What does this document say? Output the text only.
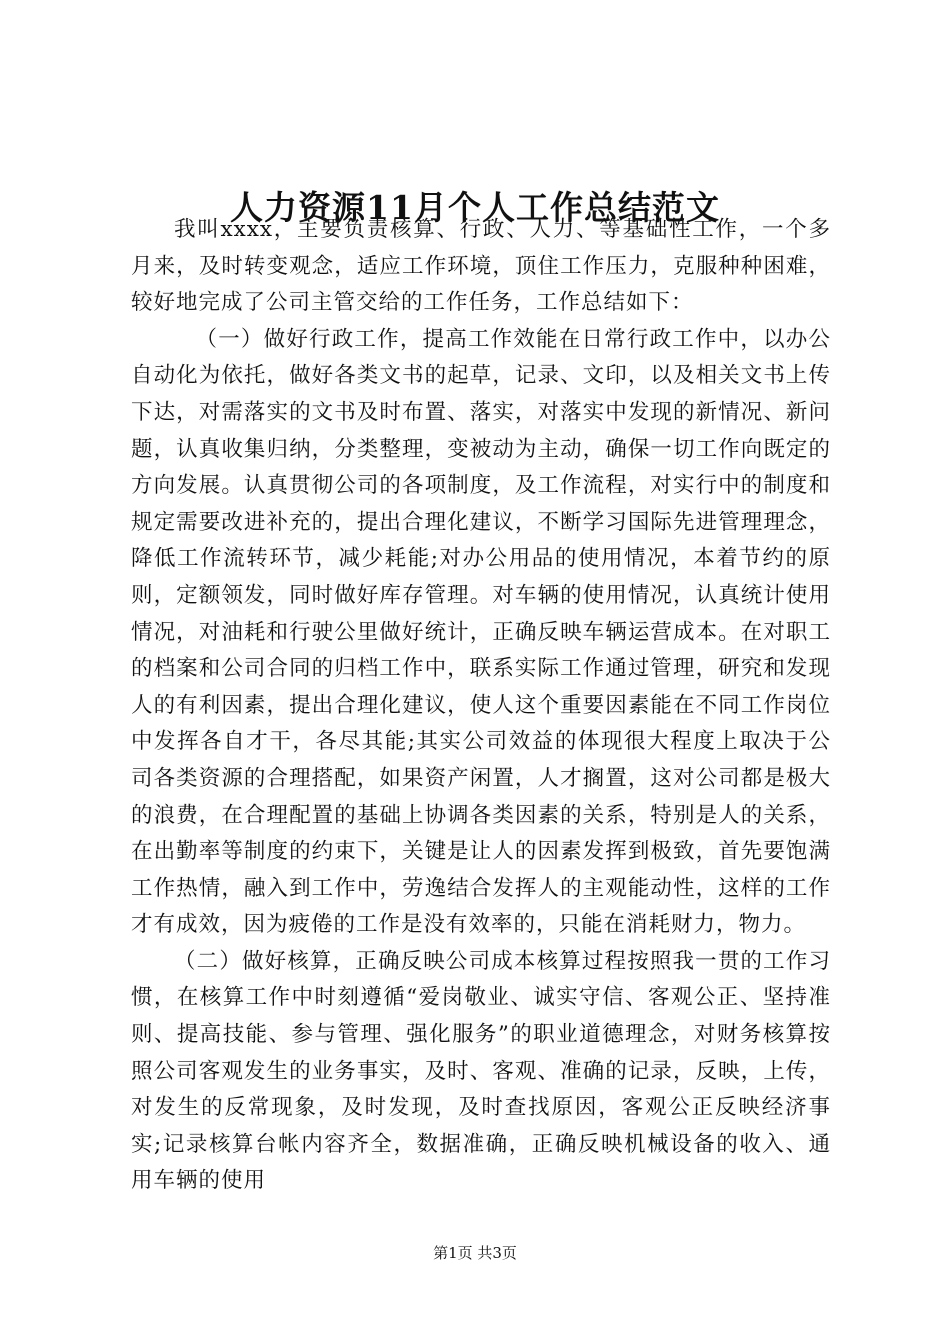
人力资源11月个人工作总结范文

我叫xxxx，主要负责核算、行政、人力、等基础性工作，一个多月来，及时转变观念，适应工作环境，顶住工作压力，克服种种困难，较好地完成了公司主管交给的工作任务，工作总结如下：

（一）做好行政工作，提高工作效能在日常行政工作中，以办公自动化为依托，做好各类文书的起草，记录、文印，以及相关文书上传下达，对需落实的文书及时布置、落实，对落实中发现的新情况、新问题，认真收集归纳，分类整理，变被动为主动，确保一切工作向既定的方向发展。认真贯彻公司的各项制度，及工作流程，对实行中的制度和规定需要改进补充的，提出合理化建议，不断学习国际先进管理理念，降低工作流转环节，减少耗能;对办公用品的使用情况，本着节约的原则，定额领发，同时做好库存管理。对车辆的使用情况，认真统计使用情况，对油耗和行驶公里做好统计，正确反映车辆运营成本。在对职工的档案和公司合同的归档工作中，联系实际工作通过管理，研究和发现人的有利因素，提出合理化建议，使人这个重要因素能在不同工作岗位中发挥各自才干，各尽其能;其实公司效益的体现很大程度上取决于公司各类资源的合理搭配，如果资产闲置，人才搁置，这对公司都是极大的浪费，在合理配置的基础上协调各类因素的关系，特别是人的关系，在出勤率等制度的约束下，关键是让人的因素发挥到极致，首先要饱满工作热情，融入到工作中，劳逸结合发挥人的主观能动性，这样的工作才有成效，因为疲倦的工作是没有效率的，只能在消耗财力，物力。

（二）做好核算，正确反映公司成本核算过程按照我一贯的工作习惯，在核算工作中时刻遵循“爱岗敬业、诚实守信、客观公正、坚持准则、提高技能、参与管理、强化服务”的职业道德理念，对财务核算按照公司客观发生的业务事实，及时、客观、准确的记录，反映，上传，对发生的反常现象，及时发现，及时查找原因，客观公正反映经济事实;记录核算台帐内容齐全，数据准确，正确反映机械设备的收入、通用车辆的使用

第1页 共3页
